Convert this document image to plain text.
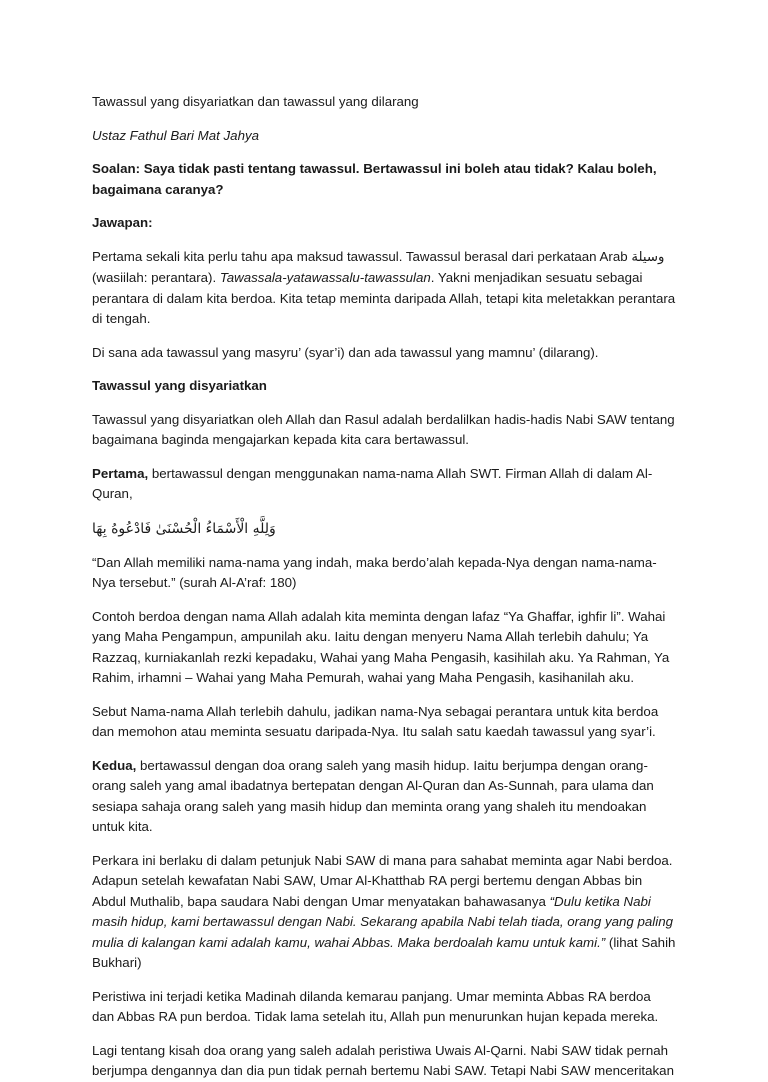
Tawassul yang disyariatkan dan tawassul yang dilarang

Ustaz Fathul Bari Mat Jahya

Soalan: Saya tidak pasti tentang tawassul. Bertawassul ini boleh atau tidak? Kalau boleh, bagaimana caranya?

Jawapan:

Pertama sekali kita perlu tahu apa maksud tawassul. Tawassul berasal dari perkataan Arab وسيلة (wasiilah: perantara). Tawassala-yatawassalu-tawassulan. Yakni menjadikan sesuatu sebagai perantara di dalam kita berdoa. Kita tetap meminta daripada Allah, tetapi kita meletakkan perantara di tengah.

Di sana ada tawassul yang masyru’ (syar’i) dan ada tawassul yang mamnu’ (dilarang).

Tawassul yang disyariatkan

Tawassul yang disyariatkan oleh Allah dan Rasul adalah berdalilkan hadis-hadis Nabi SAW tentang bagaimana baginda mengajarkan kepada kita cara bertawassul.

Pertama, bertawassul dengan menggunakan nama-nama Allah SWT. Firman Allah di dalam Al-Quran,

وَلِلَّهِ الْأَسْمَاءُ الْحُسْنَىٰ فَادْعُوهُ بِهَا

“Dan Allah memiliki nama-nama yang indah, maka berdo’alah kepada-Nya dengan nama-nama-Nya tersebut.” (surah Al-A’raf: 180)

Contoh berdoa dengan nama Allah adalah kita meminta dengan lafaz “Ya Ghaffar, ighfir li”. Wahai yang Maha Pengampun, ampunilah aku. Iaitu dengan menyeru Nama Allah terlebih dahulu; Ya Razzaq, kurniakanlah rezki kepadaku, Wahai yang Maha Pengasih, kasihilah aku. Ya Rahman, Ya Rahim, irhamni – Wahai yang Maha Pemurah, wahai yang Maha Pengasih, kasihanilah aku.

Sebut Nama-nama Allah terlebih dahulu, jadikan nama-Nya sebagai perantara untuk kita berdoa dan memohon atau meminta sesuatu daripada-Nya. Itu salah satu kaedah tawassul yang syar’i.

Kedua, bertawassul dengan doa orang saleh yang masih hidup. Iaitu berjumpa dengan orang-orang saleh yang amal ibadatnya bertepatan dengan Al-Quran dan As-Sunnah, para ulama dan sesiapa sahaja orang saleh yang masih hidup dan meminta orang yang shaleh itu mendoakan untuk kita.

Perkara ini berlaku di dalam petunjuk Nabi SAW di mana para sahabat meminta agar Nabi berdoa. Adapun setelah kewafatan Nabi SAW, Umar Al-Khatthab RA pergi bertemu dengan Abbas bin Abdul Muthalib, bapa saudara Nabi dengan Umar menyatakan bahawasanya “Dulu ketika Nabi masih hidup, kami bertawassul dengan Nabi. Sekarang apabila Nabi telah tiada, orang yang paling mulia di kalangan kami adalah kamu, wahai Abbas. Maka berdoalah kamu untuk kami.” (lihat Sahih Bukhari)

Peristiwa ini terjadi ketika Madinah dilanda kemarau panjang. Umar meminta Abbas RA berdoa dan Abbas RA pun berdoa. Tidak lama setelah itu, Allah pun menurunkan hujan kepada mereka.

Lagi tentang kisah doa orang yang saleh adalah peristiwa Uwais Al-Qarni. Nabi SAW tidak pernah berjumpa dengannya dan dia pun tidak pernah bertemu Nabi SAW. Tetapi Nabi SAW menceritakan
